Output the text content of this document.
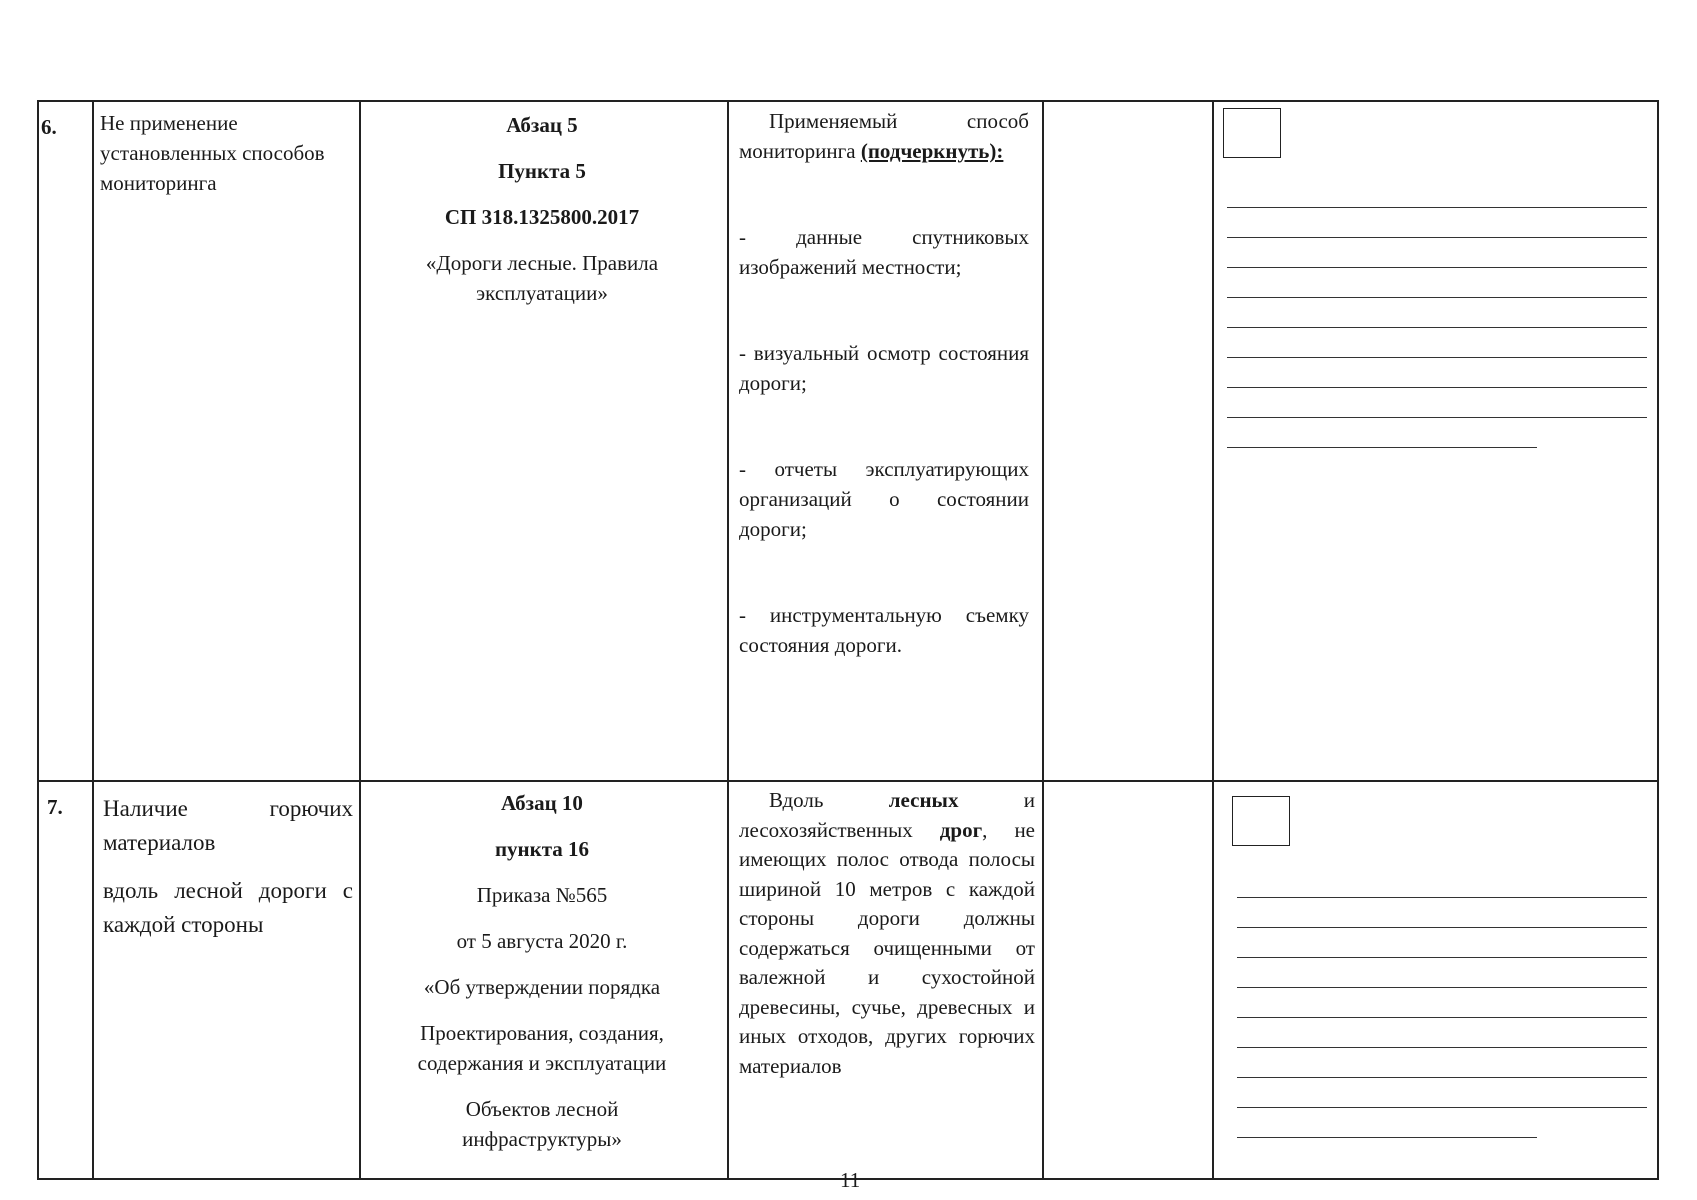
6.	Не применение установленных способов мониторинга
Абзац 5
Пункта 5
СП 318.1325800.2017
«Дороги лесные. Правила эксплуатации»
Применяемый способ мониторинга (подчеркнуть):
- данные спутниковых изображений местности;
- визуальный осмотр состояния дороги;
- отчеты эксплуатирующих организаций о состоянии дороги;
- инструментальную съемку состояния дороги.
7.	Наличие горючих материалов
вдоль лесной дороги с каждой стороны
Абзац 10
пункта 16
Приказа №565
от 5 августа 2020 г.
«Об утверждении порядка
Проектирования, создания, содержания и эксплуатации
Объектов лесной инфраструктуры»
Вдоль лесных и лесохозяйственных дрог, не имеющих полос отвода полосы шириной 10 метров с каждой стороны дороги должны содержаться очищенными от валежной и сухостойной древесины, сучье, древесных и иных отходов, других горючих материалов
11
